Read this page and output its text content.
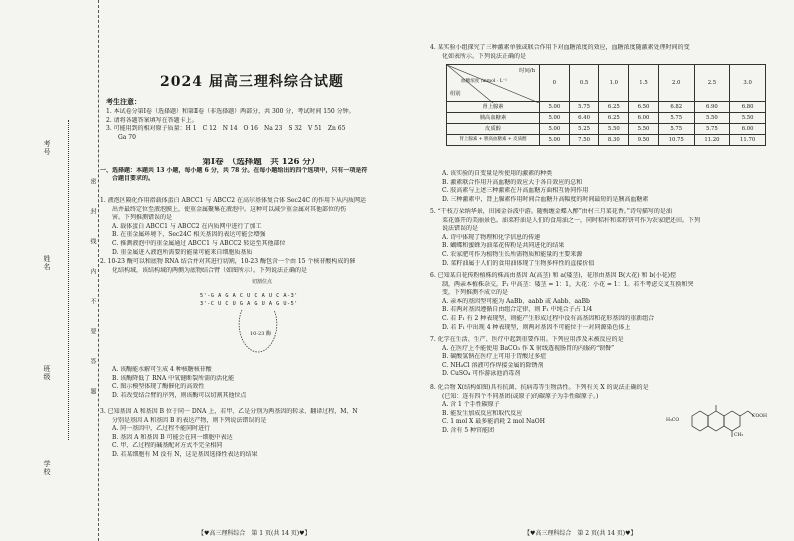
考号
姓名
班级
学校
密
封
线
内
不
要
答
题
2024 届高三理科综合试题
考生注意：

1. 本试卷分第Ⅰ卷（选择题）和第Ⅱ卷（非选择题）两部分，共 300 分，考试时间 150 分钟。

2. 请将各题答案填写在答题卡上。

3. 可能用到的相对原子质量：H 1　C 12　N 14　O 16　Na 23　S 32　V 51　Zn 65

Ga 70

第Ⅰ卷　（选择题　共 126 分）

一、选择题：本题共 13 小题，每小题 6 分，共 78 分。在每小题给出的四个选项中，只有一项是符

合题目要求的。

1. 液泡区隔化作用指载体蛋白 ABCC1 与 ABCC2 在高尔基体复合体 Sec24C 的作用下从内质网运

出并最终定位至液泡膜上，使重金属聚集在液泡中。这种可以减少重金属对其他部位的伤

害。下列推测错误的是

A. 载体蛋白 ABCC1 与 ABCC2 在内质网中进行了加工

B. 在重金属环境下，Sec24C 相关基因的表达可能会增强

C. 推测液泡中的重金属通过 ABCC1 与 ABCC2 转运至其他部位

D. 重金属进入液泡所需要的能量可能来自细胞质基质

2. 10-23 酶可以和底物 RNA 结合并对其进行切割，10-23 酶包含一个由 15 个核苷酸构成的催

化结构域，该结构域的两侧为底物结合臂（如图所示）。下列说法正确的是

切割位点
5'-G A G A C U C A U C A-3'
3'-C U C U G A G U A G U-5'
10-23 酶

A. 该酶能水解可生成 4 种核糖核苷酸

B. 该酶降低了 RNA 中氧键断裂所需的活化能

C. 图示模型体现了酶催化的高效性

D. 若改变结合臂的序列，则该酶可以切割其他位点

3. 已知基因 A 和基因 B 位于同一 DNA 上，若甲、乙是分别为两基因的转录、翻译过程，M、N

分别是基因 A 和基因 B 的表达产物，则下列说法错误的是

A. 同一基因中，乙过程不能同时进行

B. 基因 A 和基因 B 可能会在同一细胞中表达

C. 甲、乙过程的碱基配对方式不完全相同

D. 若某细胞有 M 没有 N，这是基因选择性表达的结果

【♥高三理科综合　第 1 页(共 14 页)♥】

4. 某实验小组探究了三种激素单独或联合作用下对血糖浓度的效应，血糖浓度随激素处理时间的变

化如表所示。下列说法正确的是

时间/h
血糖浓度 /mmol · L⁻¹
组别	0	0.5	1.0	1.5	2.0	2.5	3.0
肾上腺素	5.00	5.75	6.25	6.50	6.82	6.90	6.80
胰高血糖素	5.00	6.40	6.25	6.00	5.75	5.50	5.50
皮质醇	5.00	5.25	5.50	5.50	5.75	5.75	6.00
肾上腺素 + 胰高血糖素 + 皮质醇	5.00	7.50	8.30	9.50	10.75	11.20	11.70

A. 该实验的自变量是所使用的激素的种类

B. 激素联合作用升高血糖的效应大于各自效应的总和

C. 肢高素与上述三种激素在升高血糖方面相互协同作用

D. 三种激素中，肾上腺素作用时间合血糖升高幅度的时间最短的是胰高血糖素

5. “干枝万朵纳华景，田园金谷波中游。随梅缠金蝶入醉”由村三月菜花香。”诗句描写的是油

菜花盛开的美丽景色。油菜籽油是人们的食用油之一，同时秸秆和菜籽饼可作为农家肥还田。下列

说法错误的是

A. 诗中体现了物理和化学信息的传递

B. 蝴蝶和蜜蜂为油菜花传粉是共同进化的结果

C. 农家肥可作为植物生长所需物质和能量的主要来源

D. 菜籽油属于人们的食用油体现了生物多样性的直接价值

6. 已知某自花传粉植株的株高由基因 A(高茎) 和 a(矮茎)，花形由基因 B(大花) 和 b(小花)控

制，两亲本植株杂交，F₁ 中高茎：矮茎 = 1：1，大花：小花 = 1：1。若不考虑交叉互换和突

变，下列推测不成立的是

A. 亲本的基因型可能为 AaBb、aabb 或 Aabb、aaBb

B. 若两对基因遵循自由组合定律，则 F₁ 中纯合子占 1/4

C. 若 F₁ 有 2 种表现型，则能产生形成过程中没有高基因和花形基因的重新组合

D. 若 F₁ 中出现 4 种表现型，则两对基因不可能位于一对同源染色体上

7. 化学在生活、生产、医疗中起到重要作用。下列应用涉及未被反应的是

A. 在医疗上不能使用 BaCO₃ 作 X 射线透视肠胃的内服药“钡餐”

B. 碳酸氢钠在医疗上可用于胃酸过多症

C. NH₄Cl 溶液可作焊接金属的除锈剂

D. CuSO₄ 可作游泳池消毒剂

8. 化合物 X(结构如图)具有抗菌、抗病毒等生物活性。下列有关 X 的说法正确的是

(已知：连有四个不同基团(或原子)的碳原子为手性碳原子。)

A. 含 1 个手性碳原子

B. 能发生加成反应和取代反应

C. 1 mol X 最多能消耗 2 mol NaOH

D. 含有 5 种官能团

H₃CO
COOH
CH₃
【♥高三理科综合　第 2 页(共 14 页)♥】
